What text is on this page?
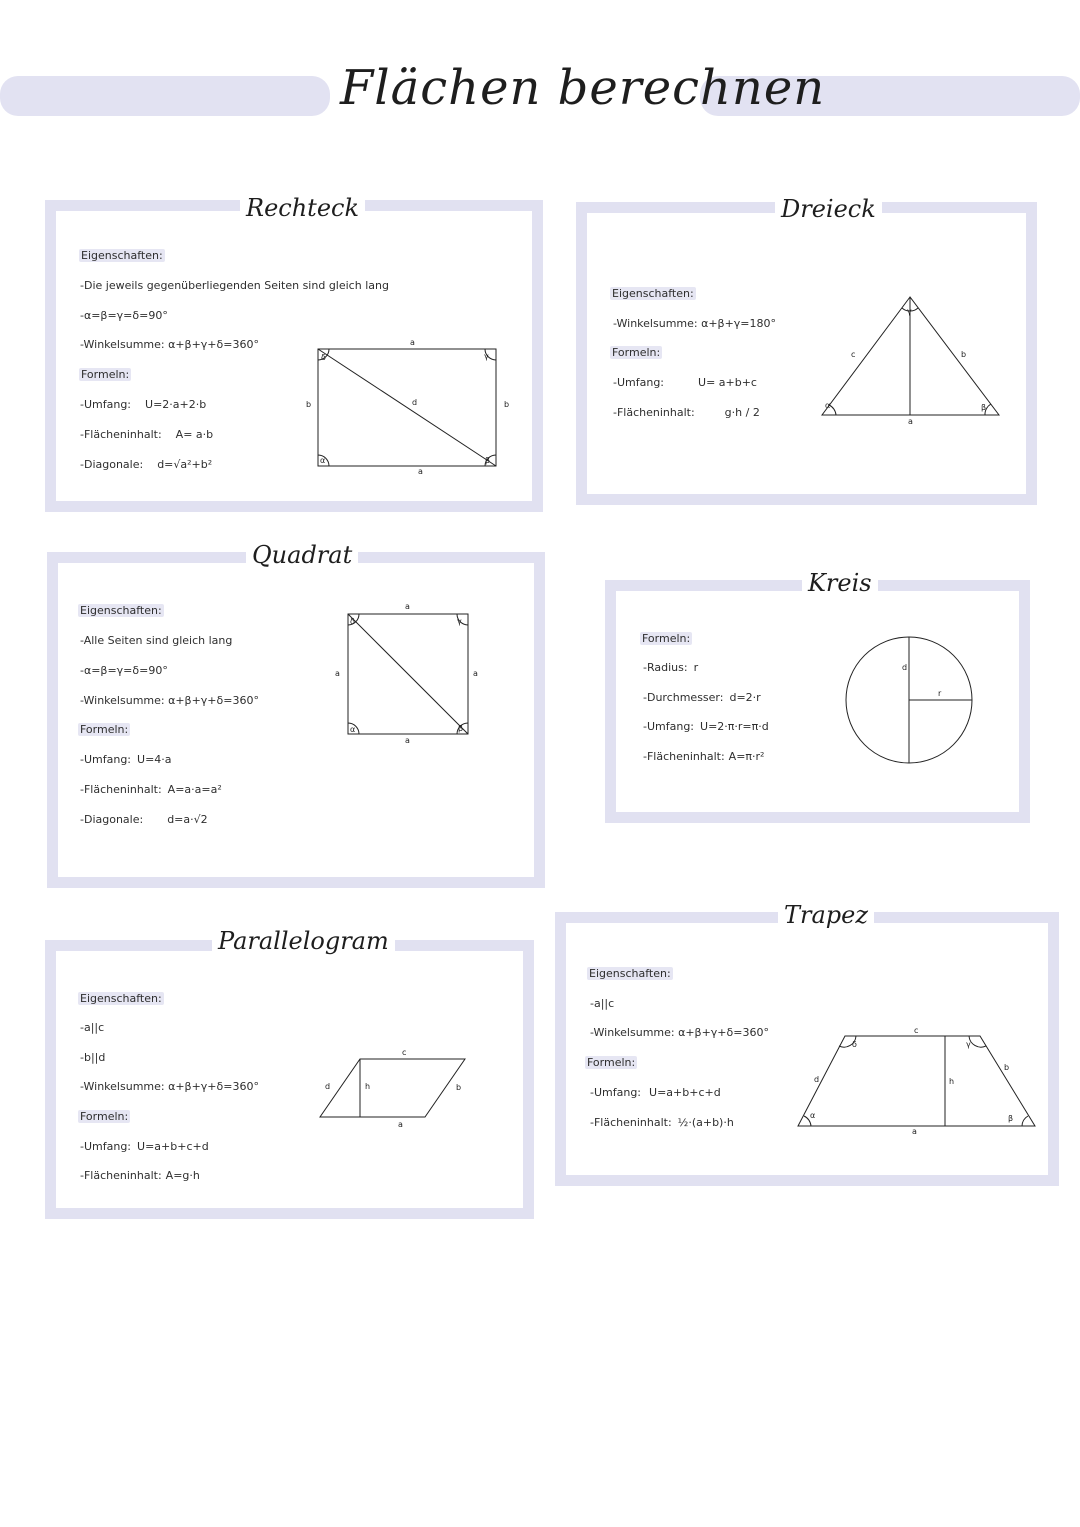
Flächen berechnen
Rechteck
Eigenschaften:
-Die jeweils gegenüberliegenden Seiten sind gleich lang
-α=β=γ=δ=90°
-Winkelsumme: α+β+γ+δ=360°
Formeln:
-Umfang: U=2·a+2·b
-Flächeninhalt: A= a·b
-Diagonale: d=√a²+b²
a
a
b	b
d
δ	γ
α	β
Dreieck
Eigenschaften:
-Winkelsumme: α+β+γ=180°
Formeln:
-Umfang:	U= a+b+c
-Flächeninhalt:	g·h / 2
c	b
a
γ
α	β
Quadrat
Eigenschaften:
-Alle Seiten sind gleich lang
-α=β=γ=δ=90°
-Winkelsumme: α+β+γ+δ=360°
Formeln:
-Umfang: U=4·a
-Flächeninhalt: A=a·a=a²
-Diagonale: d=a·√2
a
a
a	a
δ	γ
α	β
Kreis
Formeln:
-Radius: r
-Durchmesser: d=2·r
-Umfang: U=2·π·r=π·d
-Flächeninhalt: A=π·r²
d
r
Parallelogram
Eigenschaften:
-a||c
-b||d
-Winkelsumme: α+β+γ+δ=360°
Formeln:
-Umfang: U=a+b+c+d
-Flächeninhalt: A=g·h
c
a
d	b
h
Trapez
Eigenschaften:
-a||c
-Winkelsumme: α+β+γ+δ=360°
Formeln:
-Umfang: U=a+b+c+d
-Flächeninhalt: ½·(a+b)·h
c
a
d
b
h
δ	γ
α	β
